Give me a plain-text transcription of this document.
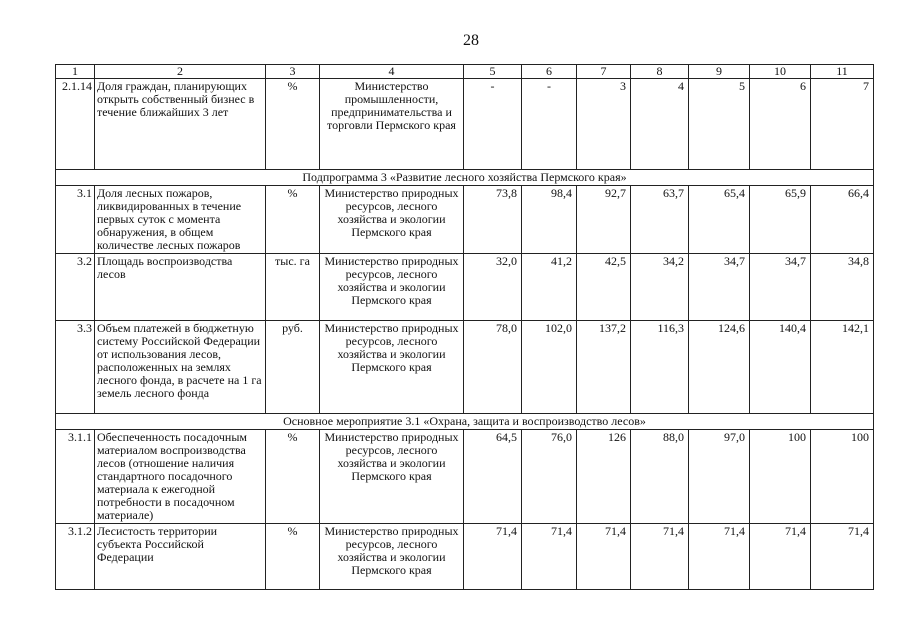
28
1	2	3	4	5	6	7	8	9	10	11
2.1.14	Доля граждан, планирующих открыть собственный бизнес в течение ближайших 3 лет	%	Министерство промышленности, предпринимательства и торговли Пермского края	-	-	3	4	5	6	7
Подпрограмма 3 «Развитие лесного хозяйства Пермского края»										
3.1	Доля лесных пожаров, ликвидированных в течение первых суток с момента обнаружения, в общем количестве лесных пожаров	%	Министерство природных ресурсов, лесного хозяйства и экологии Пермского края	73,8	98,4	92,7	63,7	65,4	65,9	66,4
3.2	Площадь воспроизводства лесов	тыс. га	Министерство природных ресурсов, лесного хозяйства и экологии Пермского края	32,0	41,2	42,5	34,2	34,7	34,7	34,8
3.3	Объем платежей в бюджетную систему Российской Федерации от использования лесов, расположенных на землях лесного фонда, в расчете на 1 га земель лесного фонда	руб.	Министерство природных ресурсов, лесного хозяйства и экологии Пермского края	78,0	102,0	137,2	116,3	124,6	140,4	142,1
Основное мероприятие 3.1 «Охрана, защита и воспроизводство лесов»										
3.1.1	Обеспеченность посадочным материалом воспроизводства лесов (отношение наличия стандартного посадочного материала к ежегодной потребности в посадочном материале)	%	Министерство природных ресурсов, лесного хозяйства и экологии Пермского края	64,5	76,0	126	88,0	97,0	100	100
3.1.2	Лесистость территории субъекта Российской Федерации	%	Министерство природных ресурсов, лесного хозяйства и экологии Пермского края	71,4	71,4	71,4	71,4	71,4	71,4	71,4
